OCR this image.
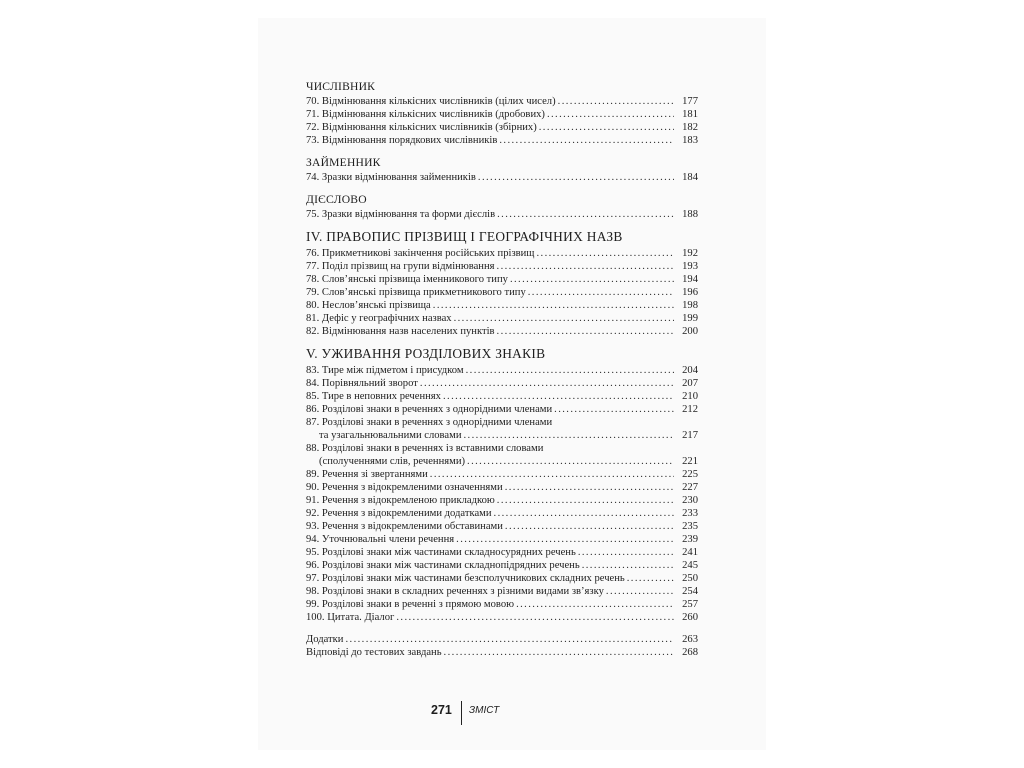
271 ЗМІСТ
ЧИСЛІВНИК
70. Відмінювання кількісних числівників (цілих чисел) .....	177
71. Відмінювання кількісних числівників (дробових) .....	181
72. Відмінювання кількісних числівників (збірних) .....	182
73. Відмінювання порядкових числівників .....	183
ЗАЙМЕННИК
74. Зразки відмінювання займенників .....	184
ДІЄСЛОВО
75. Зразки відмінювання та форми дієслів .....	188
IV. ПРАВОПИС ПРІЗВИЩ І ГЕОГРАФІЧНИХ НАЗВ
76. Прикметникові закінчення російських прізвищ .....	192
77. Поділ прізвищ на групи відмінювання .....	193
78. Слов’янські прізвища іменникового типу .....	194
79. Слов’янські прізвища прикметникового типу .....	196
80. Неслов’янські прізвища .....	198
81. Дефіс у географічних назвах .....	199
82. Відмінювання назв населених пунктів .....	200
V. УЖИВАННЯ РОЗДІЛОВИХ ЗНАКІВ
83. Тире між підметом і присудком .....	204
84. Порівняльний зворот .....	207
85. Тире в неповних реченнях .....	210
86. Розділові знаки в реченнях з однорідними членами .....	212
87. Розділові знаки в реченнях з однорідними членами
та узагальнювальними словами .....	217
88. Розділові знаки в реченнях із вставними словами
(сполученнями слів, реченнями) .....	221
89. Речення зі звертаннями .....	225
90. Речення з відокремленими означеннями .....	227
91. Речення з відокремленою прикладкою .....	230
92. Речення з відокремленими додатками .....	233
93. Речення з відокремленими обставинами .....	235
94. Уточнювальні члени речення .....	239
95. Розділові знаки між частинами складносурядних речень .....	241
96. Розділові знаки між частинами складнопідрядних речень .....	245
97. Розділові знаки між частинами безсполучникових складних речень .....	250
98. Розділові знаки в складних реченнях з різними видами зв’язку .....	254
99. Розділові знаки в реченні з прямою мовою .....	257
100. Цитата. Діалог .....	260
Додатки .....	263
Відповіді до тестових завдань .....	268
